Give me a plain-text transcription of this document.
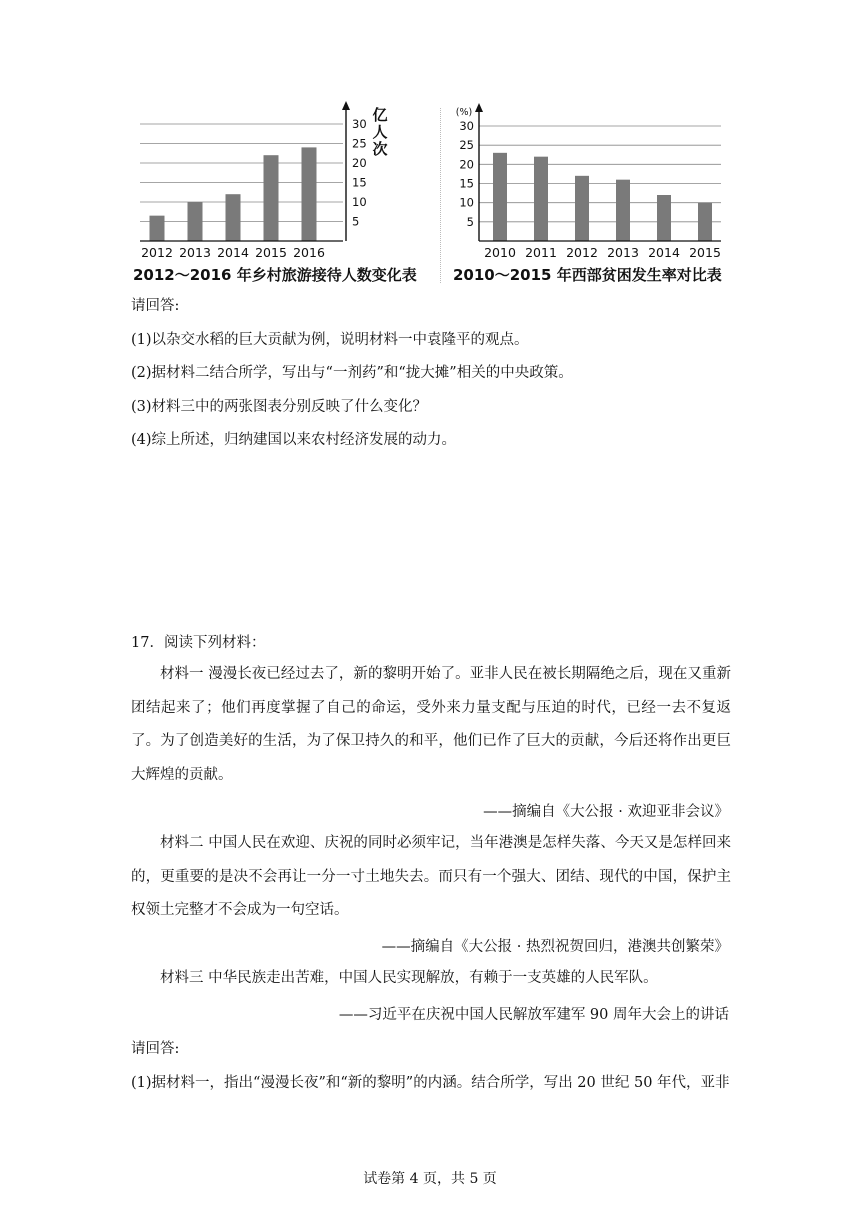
2012 2013 2014 2015 2016
5
10
15
20
25
30 亿
人
次
2012～2016 年乡村旅游接待人数变化表
2010 2011 2012 2013 2014 2015
5
10
15
20
25
30
(%)
2010～2015 年西部贫困发生率对比表
请回答:
(1)以杂交水稻的巨大贡献为例，说明材料一中袁隆平的观点。
(2)据材料二结合所学，写出与“一剂药”和“拢大摊”相关的中央政策。
(3)材料三中的两张图表分别反映了什么变化？
(4)综上所述，归纳建国以来农村经济发展的动力。
17．阅读下列材料：

材料一 漫漫长夜已经过去了，新的黎明开始了。亚非人民在被长期隔绝之后，现在又重新团结起来了；他们再度掌握了自己的命运，受外来力量支配与压迫的时代，已经一去不复返了。为了创造美好的生活，为了保卫持久的和平，他们已作了巨大的贡献，今后还将作出更巨大辉煌的贡献。

——摘编自《大公报 · 欢迎亚非会议》

材料二 中国人民在欢迎、庆祝的同时必须牢记，当年港澳是怎样失落、今天又是怎样回来的，更重要的是决不会再让一分一寸土地失去。而只有一个强大、团结、现代的中国，保护主权领土完整才不会成为一句空话。

——摘编自《大公报 · 热烈祝贺回归，港澳共创繁荣》

材料三 中华民族走出苦难，中国人民实现解放，有赖于一支英雄的人民军队。

——习近平在庆祝中国人民解放军建军 90 周年大会上的讲话
请回答:
(1)据材料一，指出“漫漫长夜”和“新的黎明”的内涵。结合所学，写出 20 世纪 50 年代，亚非
试卷第 4 页，共 5 页
